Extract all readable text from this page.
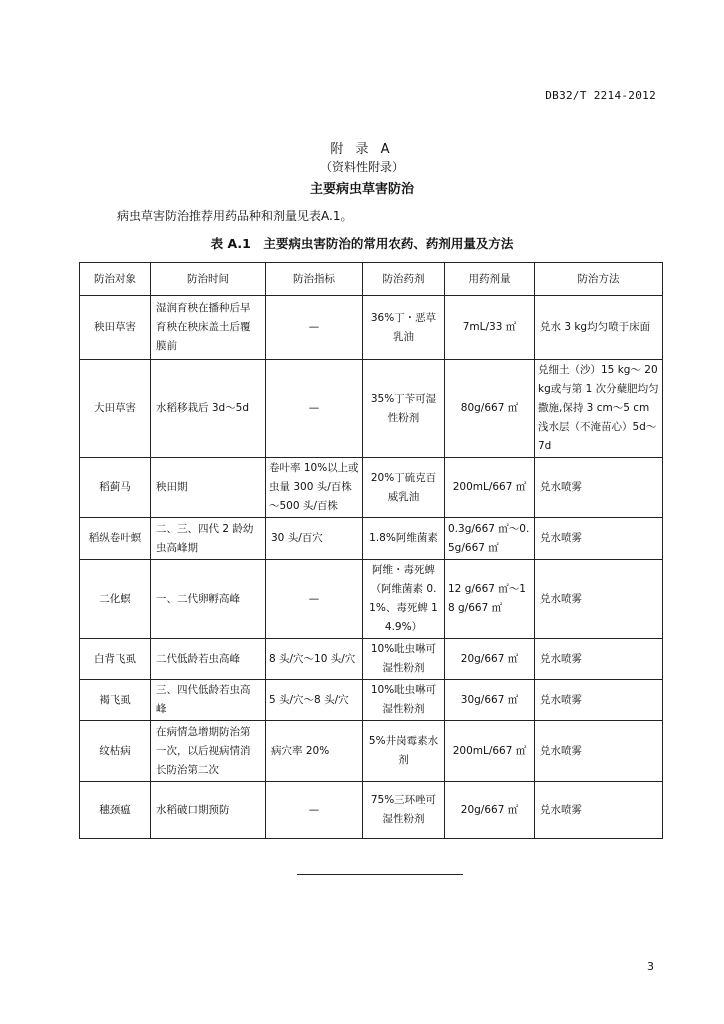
DB32/T 2214-2012
附 录 A
（资料性附录）
主要病虫草害防治
病虫草害防治推荐用药品种和剂量见表A.1。
表 A.1　主要病虫害防治的常用农药、药剂用量及方法
防治对象	防治时间	防治指标	防治药剂	用药剂量	防治方法
秧田草害	湿润育秧在播种后早育秧在秧床盖土后覆膜前	—	36%丁・恶草乳油	7mL/33 ㎡	兑水 3 kg均匀喷于床面
大田草害	水稻移栽后 3d～5d	—	35%丁苄可湿性粉剂	80g/667 ㎡	兑细土（沙）15 kg～ 20 kg或与第 1 次分蘖肥均匀撒施,保持 3 cm～5 cm浅水层（不淹苗心）5d～7d
稻蓟马	秧田期	卷叶率 10%以上或虫量 300 头/百株～500 头/百株	20%丁硫克百威乳油	200mL/667 ㎡	兑水喷雾
稻纵卷叶螟	二、三、四代 2 龄幼虫高峰期	30 头/百穴	1.8%阿维菌素	0.3g/667 ㎡～0.5g/667 ㎡	兑水喷雾
二化螟	一、二代卵孵高峰	—	阿维・毒死蜱（阿维菌素 0.1%、毒死蜱 14.9%）	12 g/667 ㎡～18 g/667 ㎡	兑水喷雾
白背飞虱	二代低龄若虫高峰	8 头/穴～10 头/穴	10%吡虫啉可湿性粉剂	20g/667 ㎡	兑水喷雾
褐飞虱	三、四代低龄若虫高峰	5 头/穴～8 头/穴	10%吡虫啉可湿性粉剂	30g/667 ㎡	兑水喷雾
纹枯病	在病情急增期防治第一次，以后视病情消长防治第二次	病穴率 20%	5%井岗霉素水剂	200mL/667 ㎡	兑水喷雾
穗颈瘟	水稻破口期预防	—	75%三环唑可湿性粉剂	20g/667 ㎡	兑水喷雾
3
